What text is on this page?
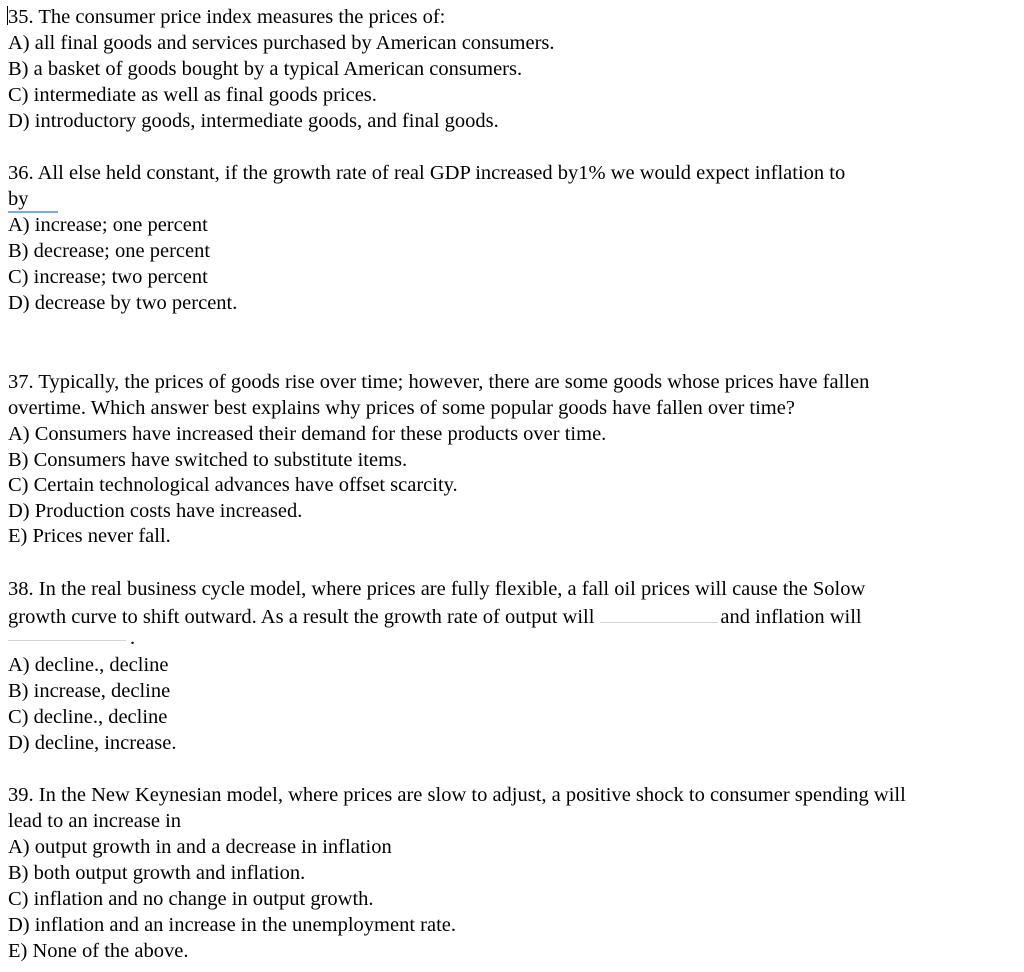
35. The consumer price index measures the prices of:
A) all final goods and services purchased by American consumers.
B) a basket of goods bought by a typical American consumers.
C) intermediate as well as final goods prices.
D) introductory goods, intermediate goods, and final goods.
36. All else held constant, if the growth rate of real GDP increased by1% we would expect inflation to
by
A) increase; one percent
B) decrease; one percent
C) increase; two percent
D) decrease by two percent.
37. Typically, the prices of goods rise over time; however, there are some goods whose prices have fallen
overtime. Which answer best explains why prices of some popular goods have fallen over time?
A) Consumers have increased their demand for these products over time.
B) Consumers have switched to substitute items.
C) Certain technological advances have offset scarcity.
D) Production costs have increased.
E) Prices never fall.
38. In the real business cycle model, where prices are fully flexible, a fall oil prices will cause the Solow
growth curve to shift outward. As a result the growth rate of output will	and inflation will
.
A) decline., decline
B) increase, decline
C) decline., decline
D) decline, increase.
39. In the New Keynesian model, where prices are slow to adjust, a positive shock to consumer spending will
lead to an increase in
A) output growth in and a decrease in inflation
B) both output growth and inflation.
C) inflation and no change in output growth.
D) inflation and an increase in the unemployment rate.
E) None of the above.
